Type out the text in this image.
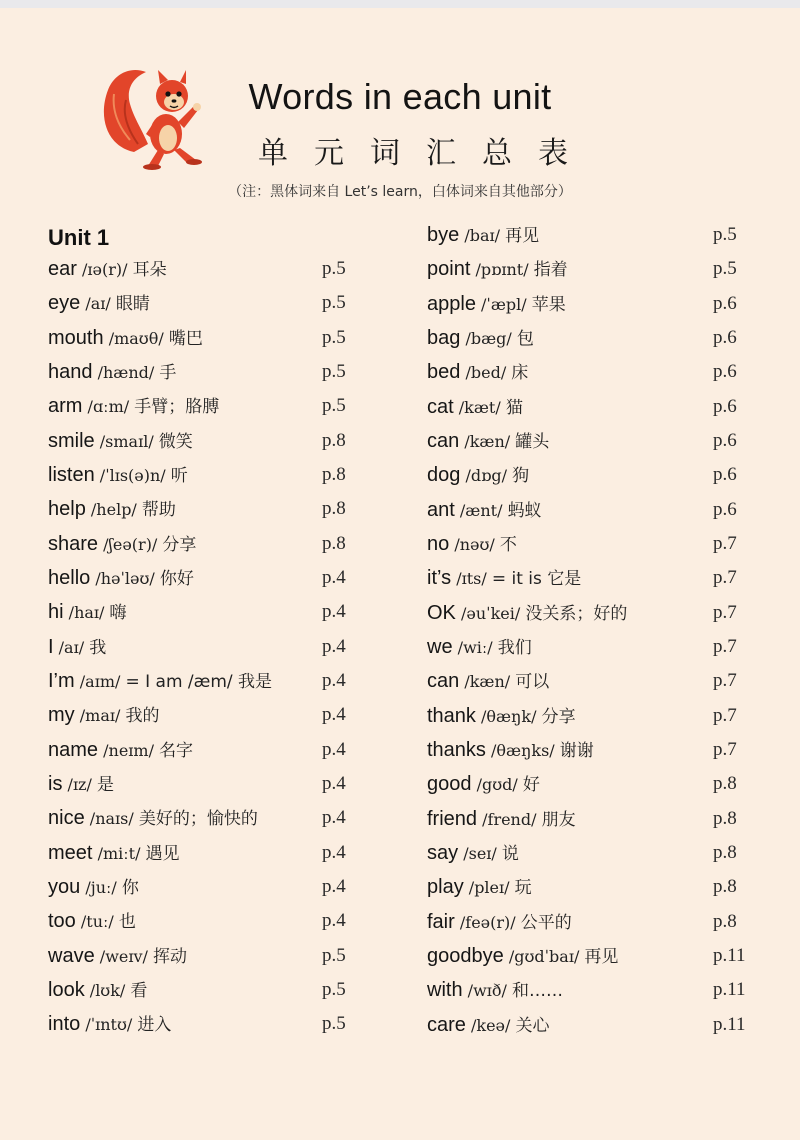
Words in each unit
单元词汇总表
（注：黑体词来自 Let’s learn，白体词来自其他部分）
Unit 1
ear /ɪə(r)/ 耳朵	p.5
eye /aɪ/ 眼睛	p.5
mouth /maʊθ/ 嘴巴	p.5
hand /hænd/ 手	p.5
arm /ɑːm/ 手臂；胳膊	p.5
smile /smaɪl/ 微笑	p.8
listen /ˈlɪs(ə)n/ 听	p.8
help /help/ 帮助	p.8
share /ʃeə(r)/ 分享	p.8
hello /həˈləʊ/ 你好	p.4
hi /haɪ/ 嗨	p.4
I /aɪ/ 我	p.4
I’m /aɪm/ = I am /æm/ 我是	p.4
my /maɪ/ 我的	p.4
name /neɪm/ 名字	p.4
is /ɪz/ 是	p.4
nice /naɪs/ 美好的；愉快的	p.4
meet /miːt/ 遇见	p.4
you /juː/ 你	p.4
too /tuː/ 也	p.4
wave /weɪv/ 挥动	p.5
look /lʊk/ 看	p.5
into /ˈɪntʊ/ 进入	p.5
bye /baɪ/ 再见	p.5
point /pɒɪnt/ 指着	p.5
apple /ˈæpl/ 苹果	p.6
bag /bæg/ 包	p.6
bed /bed/ 床	p.6
cat /kæt/ 猫	p.6
can /kæn/ 罐头	p.6
dog /dɒg/ 狗	p.6
ant /ænt/ 蚂蚁	p.6
no /nəʊ/ 不	p.7
it’s /ɪts/ = it is 它是	p.7
OK /əuˈkei/ 没关系；好的	p.7
we /wiː/ 我们	p.7
can /kæn/ 可以	p.7
thank /θæŋk/ 分享	p.7
thanks /θæŋks/ 谢谢	p.7
good /gʊd/ 好	p.8
friend /frend/ 朋友	p.8
say /seɪ/ 说	p.8
play /pleɪ/ 玩	p.8
fair /feə(r)/ 公平的	p.8
goodbye /gʊdˈbaɪ/ 再见	p.11
with /wɪð/ 和……	p.11
care /keə/ 关心	p.11
